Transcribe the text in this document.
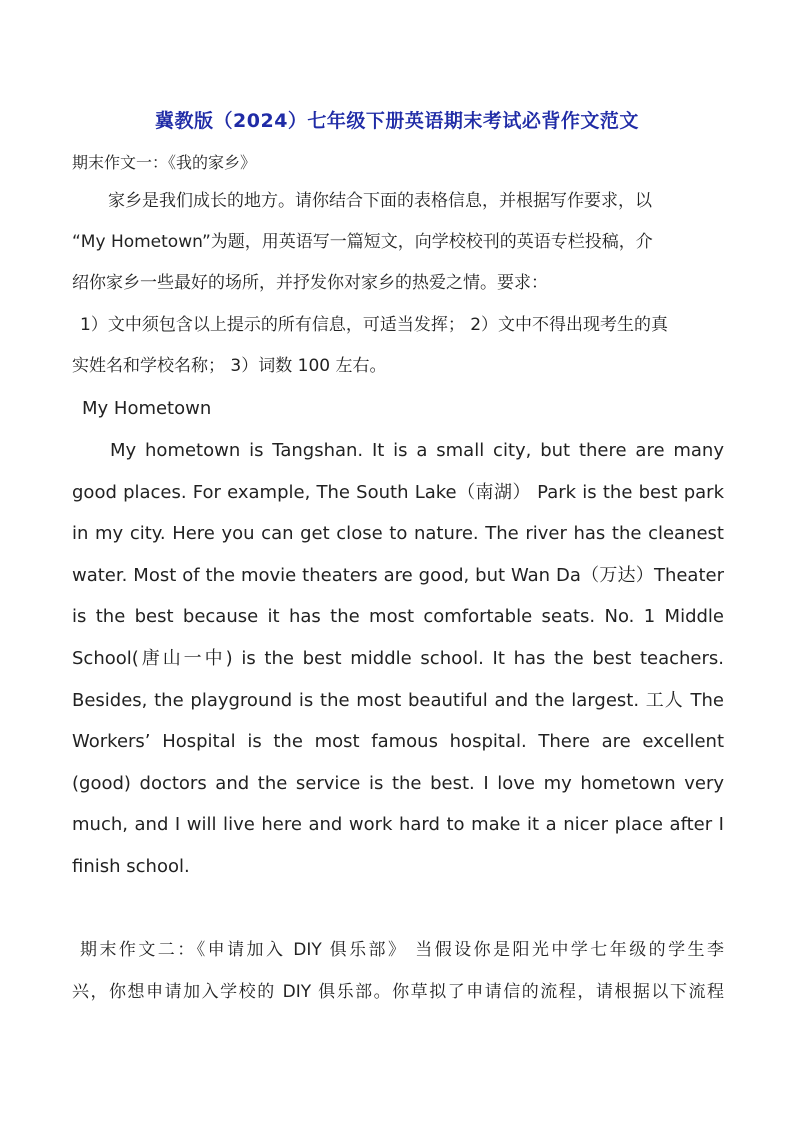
冀教版（2024）七年级下册英语期末考试必背作文范文
期末作文一：《我的家乡》
家乡是我们成长的地方。请你结合下面的表格信息，并根据写作要求，以
“My Hometown”为题，用英语写一篇短文，向学校校刊的英语专栏投稿，介
绍你家乡一些最好的场所，并抒发你对家乡的热爱之情。要求：
1）文中须包含以上提示的所有信息，可适当发挥； 2）文中不得出现考生的真
实姓名和学校名称； 3）词数 100 左右。
My Hometown
My hometown is Tangshan. It is a small city, but there are many
good places. For example, The South Lake（南湖） Park is the best park
in my city. Here you can get close to nature. The river has the cleanest
water. Most of the movie theaters are good, but Wan Da（万达）Theater
is the best because it has the most comfortable seats. No. 1 Middle
School(唐山一中) is the best middle school. It has the best teachers.
Besides, the playground is the most beautiful and the largest. 工人 The
Workers’ Hospital is the most famous hospital. There are excellent
(good) doctors and the service is the best. I love my hometown very
much, and I will live here and work hard to make it a nicer place after I
finish school.
期末作文二：《申请加入 DIY 俱乐部》 当假设你是阳光中学七年级的学生李
兴，你想申请加入学校的 DIY 俱乐部。你草拟了申请信的流程，请根据以下流程
